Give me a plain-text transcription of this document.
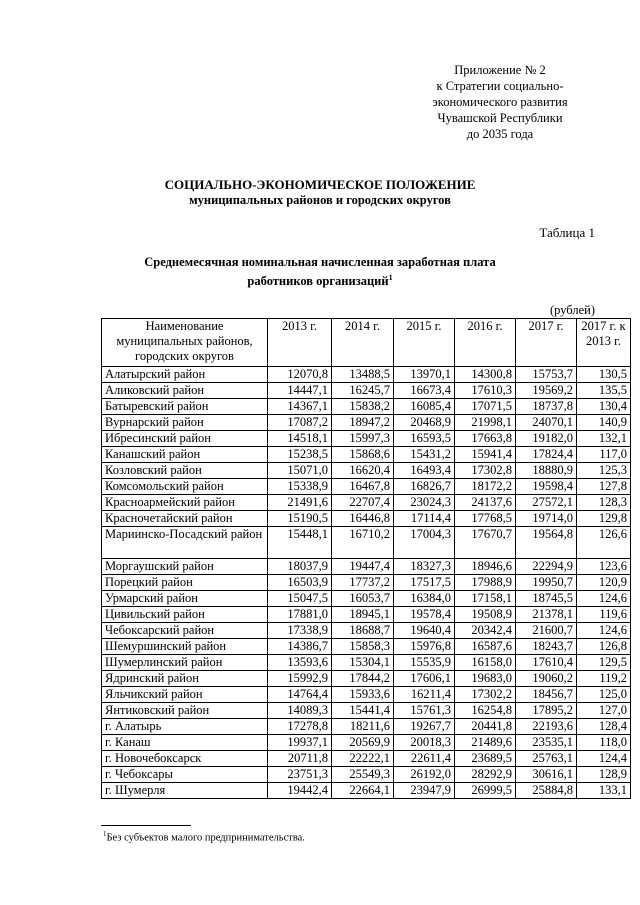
Приложение № 2
к Стратегии социально-
экономического развития
Чувашской Республики
до 2035 года
СОЦИАЛЬНО-ЭКОНОМИЧЕСКОЕ ПОЛОЖЕНИЕ
муниципальных районов и городских округов
Таблица 1
Среднемесячная номинальная начисленная заработная плата
работников организаций$^1$
(рублей)
Наименование муниципальных районов, городских округов	2013 г.	2014 г.	2015 г.	2016 г.	2017 г.	2017 г. к 2013 г.
Алатырский район	12070,8	13488,5	13970,1	14300,8	15753,7	130,5
Аликовский район	14447,1	16245,7	16673,4	17610,3	19569,2	135,5
Батыревский район	14367,1	15838,2	16085,4	17071,5	18737,8	130,4
Вурнарский район	17087,2	18947,2	20468,9	21998,1	24070,1	140,9
Ибресинский район	14518,1	15997,3	16593,5	17663,8	19182,0	132,1
Канашский район	15238,5	15868,6	15431,2	15941,4	17824,4	117,0
Козловский район	15071,0	16620,4	16493,4	17302,8	18880,9	125,3
Комсомольский район	15338,9	16467,8	16826,7	18172,2	19598,4	127,8
Красноармейский район	21491,6	22707,4	23024,3	24137,6	27572,1	128,3
Красночетайский район	15190,5	16446,8	17114,4	17768,5	19714,0	129,8
Мариинско-Посадский район	15448,1	16710,2	17004,3	17670,7	19564,8	126,6
Моргаушский район	18037,9	19447,4	18327,3	18946,6	22294,9	123,6
Порецкий район	16503,9	17737,2	17517,5	17988,9	19950,7	120,9
Урмарский район	15047,5	16053,7	16384,0	17158,1	18745,5	124,6
Цивильский район	17881,0	18945,1	19578,4	19508,9	21378,1	119,6
Чебоксарский район	17338,9	18688,7	19640,4	20342,4	21600,7	124,6
Шемуршинский район	14386,7	15858,3	15976,8	16587,6	18243,7	126,8
Шумерлинский район	13593,6	15304,1	15535,9	16158,0	17610,4	129,5
Ядринский район	15992,9	17844,2	17606,1	19683,0	19060,2	119,2
Яльчикский район	14764,4	15933,6	16211,4	17302,2	18456,7	125,0
Янтиковский район	14089,3	15441,4	15761,3	16254,8	17895,2	127,0
г. Алатырь	17278,8	18211,6	19267,7	20441,8	22193,6	128,4
г. Канаш	19937,1	20569,9	20018,3	21489,6	23535,1	118,0
г. Новочебоксарск	20711,8	22222,1	22611,4	23689,5	25763,1	124,4
г. Чебоксары	23751,3	25549,3	26192,0	28292,9	30616,1	128,9
г. Шумерля	19442,4	22664,1	23947,9	26999,5	25884,8	133,1
$^1$Без субъектов малого предпринимательства.
